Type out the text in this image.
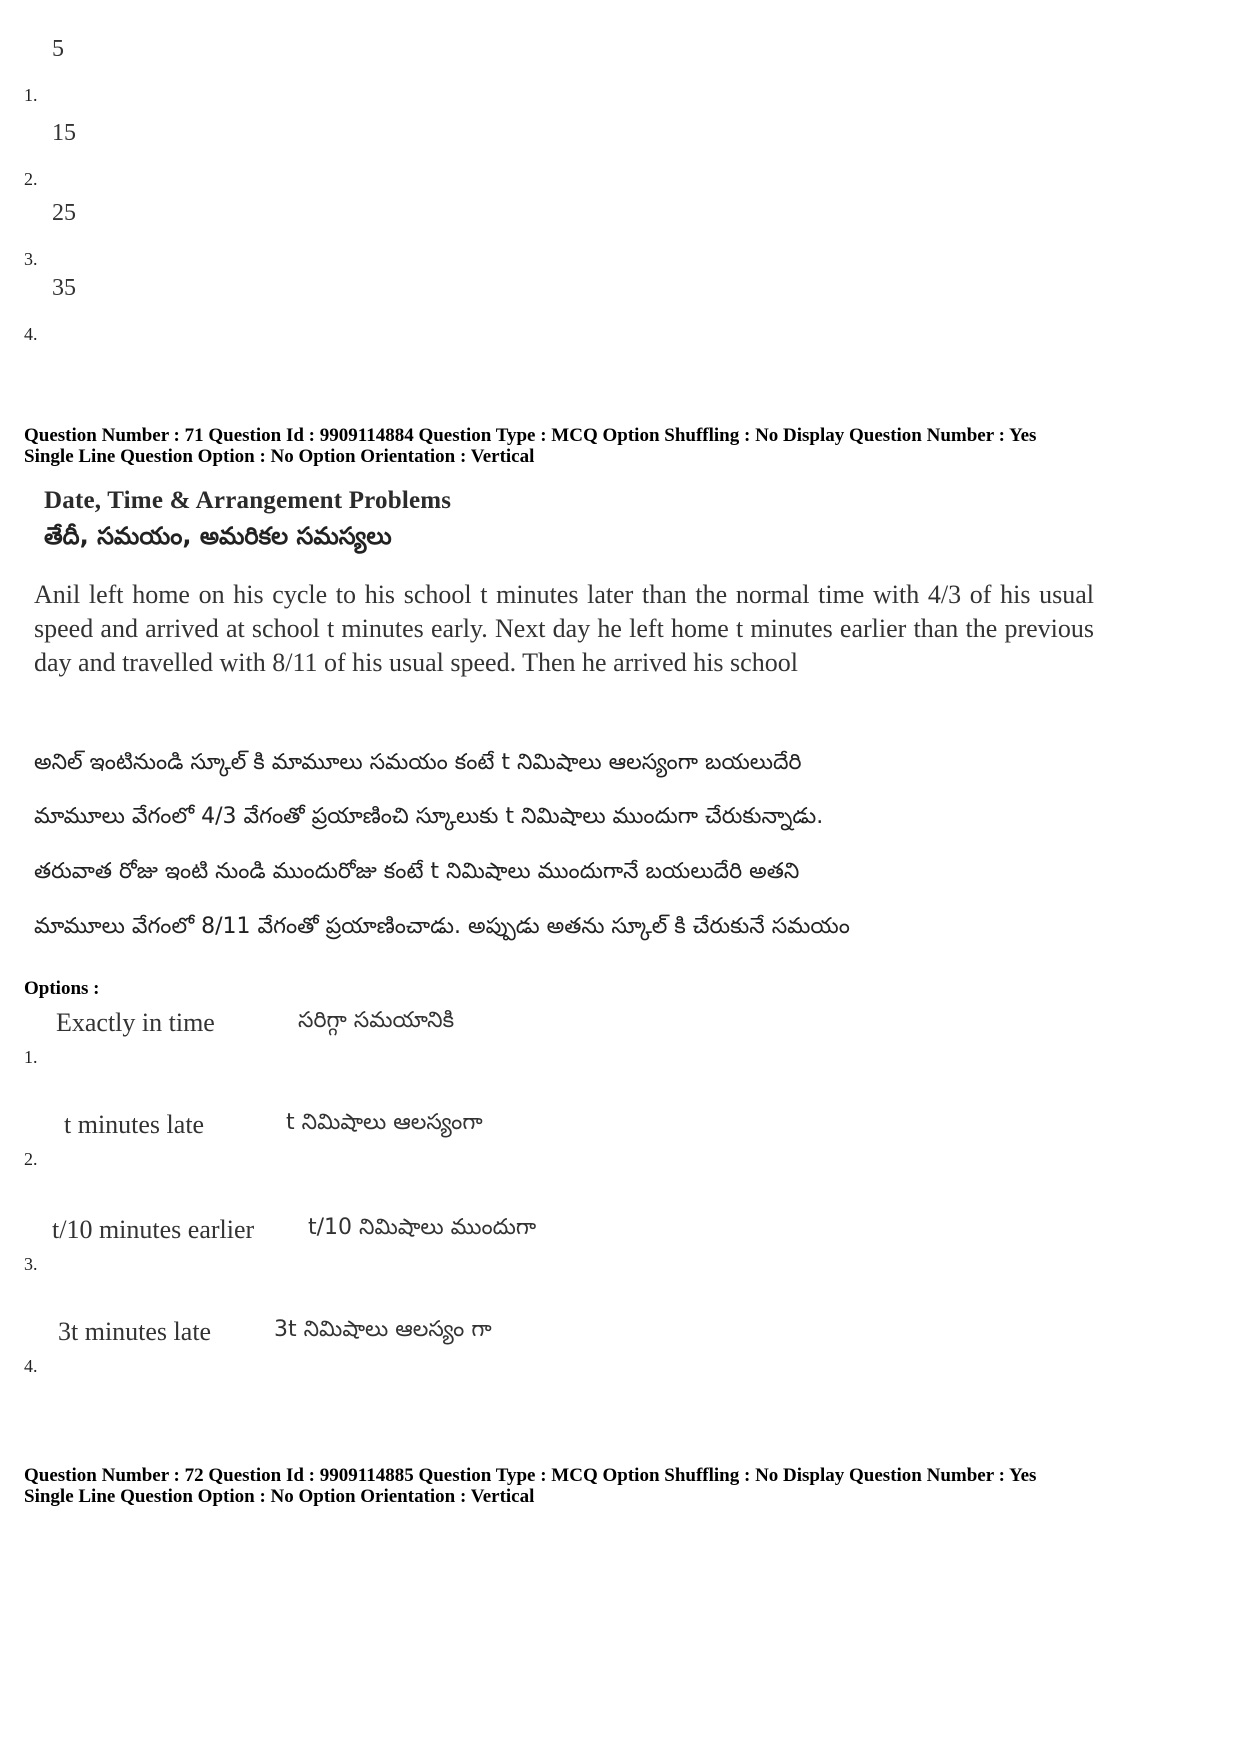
1.
5
2.
15
3.
25
4.
35
Question Number : 71 Question Id : 9909114884 Question Type : MCQ Option Shuffling : No Display Question Number : Yes
Single Line Question Option : No Option Orientation : Vertical
Date, Time & Arrangement Problems
తేదీ, సమయం, అమరికల సమస్యలు
Anil left home on his cycle to his school t minutes later than the normal time with 4/3 of his usual speed and arrived at school t minutes early. Next day he left home t minutes earlier than the previous day and travelled with 8/11 of his usual speed. Then he arrived his school
అనిల్ ఇంటినుండి స్కూల్ కి మామూలు సమయం కంటే t నిమిషాలు ఆలస్యంగా బయలుదేరి
మామూలు వేగంలో 4/3 వేగంతో ప్రయాణించి స్కూలుకు t నిమిషాలు ముందుగా చేరుకున్నాడు.
తరువాత రోజు ఇంటి నుండి ముందురోజు కంటే t నిమిషాలు ముందుగానే బయలుదేరి అతని
మామూలు వేగంలో 8/11 వేగంతో ప్రయాణించాడు. అప్పుడు అతను స్కూల్ కి చేరుకునే సమయం
Options :
1.
Exactly in time	సరిగ్గా సమయానికి
2.
t minutes late	t నిమిషాలు ఆలస్యంగా
3.
t/10 minutes earlier t/10 నిమిషాలు ముందుగా
4.
3t minutes late	3t నిమిషాలు ఆలస్యం గా
Question Number : 72 Question Id : 9909114885 Question Type : MCQ Option Shuffling : No Display Question Number : Yes
Single Line Question Option : No Option Orientation : Vertical
